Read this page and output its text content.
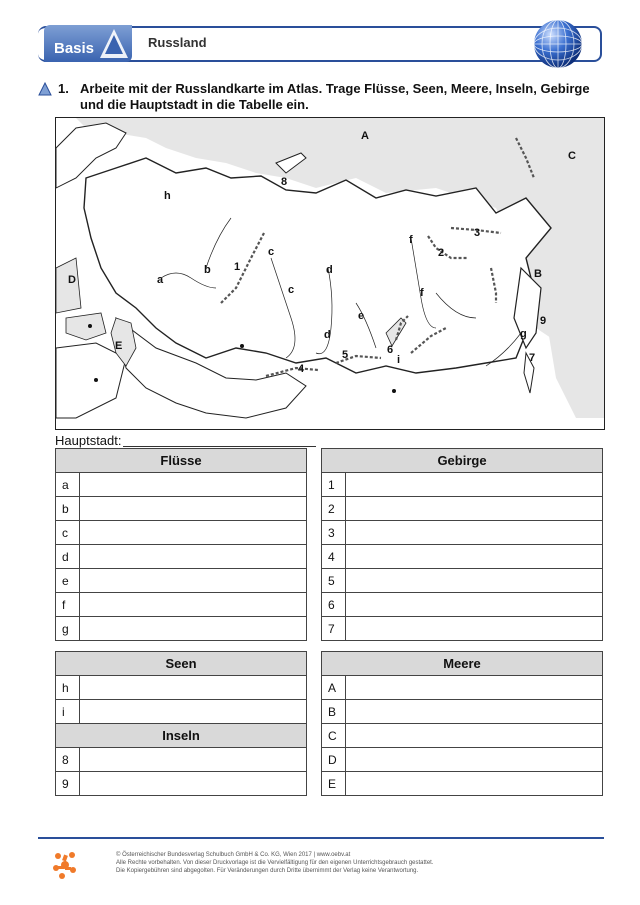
Basis	Russland
1. Arbeite mit der Russlandkarte im Atlas. Trage Flüsse, Seen, Meere, Inseln, Gebirge und die Hauptstadt in die Tabelle ein.
A
C
8
h
3
f
2
c
1
b	d
a	B
D
f
c
9
e
g
d
E	6
i
5	7
4
Hauptstadt:
Flüsse	
a	
b	
c	
d	
e	
f	
g	
Gebirge	
1	
2	
3	
4	
5	
6	
7	
Seen	
h	
i	
Inseln	
8	
9	
Meere	
A	
B	
C	
D	
E	
© Österreichischer Bundesverlag Schulbuch GmbH & Co. KG, Wien 2017 | www.oebv.at
Alle Rechte vorbehalten. Von dieser Druckvorlage ist die Vervielfältigung für den eigenen Unterrichtsgebrauch gestattet.
Die Kopiergebühren sind abgegolten. Für Veränderungen durch Dritte übernimmt der Verlag keine Verantwortung.
